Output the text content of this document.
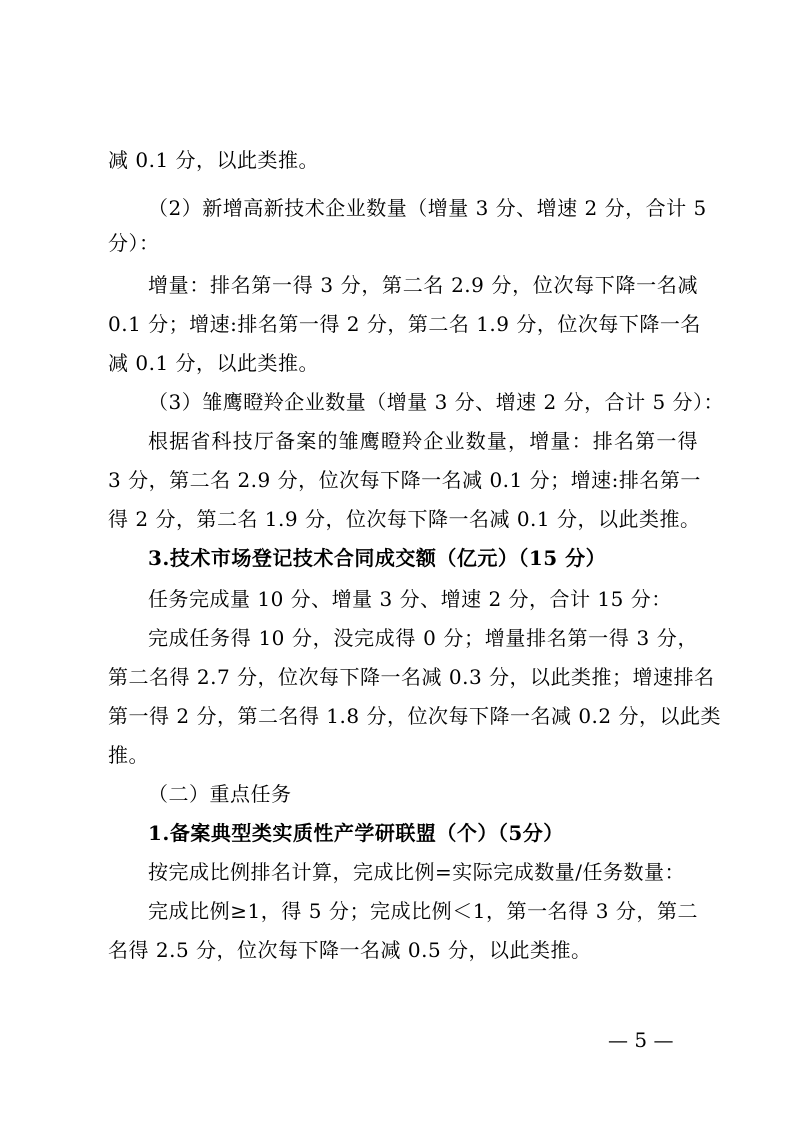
减 0.1 分，以此类推。
（2）新增高新技术企业数量（增量 3 分、增速 2 分，合计 5
分）：
增量：排名第一得 3 分，第二名 2.9 分，位次每下降一名减
0.1 分；增速:排名第一得 2 分，第二名 1.9 分，位次每下降一名
减 0.1 分，以此类推。
（3）雏鹰瞪羚企业数量（增量 3 分、增速 2 分，合计 5 分）：
根据省科技厅备案的雏鹰瞪羚企业数量，增量：排名第一得
3 分，第二名 2.9 分，位次每下降一名减 0.1 分；增速:排名第一
得 2 分，第二名 1.9 分，位次每下降一名减 0.1 分，以此类推。
3.技术市场登记技术合同成交额（亿元）（15 分）
任务完成量 10 分、增量 3 分、增速 2 分，合计 15 分：
完成任务得 10 分，没完成得 0 分；增量排名第一得 3 分，
第二名得 2.7 分，位次每下降一名减 0.3 分，以此类推；增速排名
第一得 2 分，第二名得 1.8 分，位次每下降一名减 0.2 分，以此类
推。
（二）重点任务
1.备案典型类实质性产学研联盟（个）（5分）
按完成比例排名计算，完成比例=实际完成数量/任务数量：
完成比例≥1，得 5 分；完成比例＜1，第一名得 3 分，第二
名得 2.5 分，位次每下降一名减 0.5 分，以此类推。
— 5 —
